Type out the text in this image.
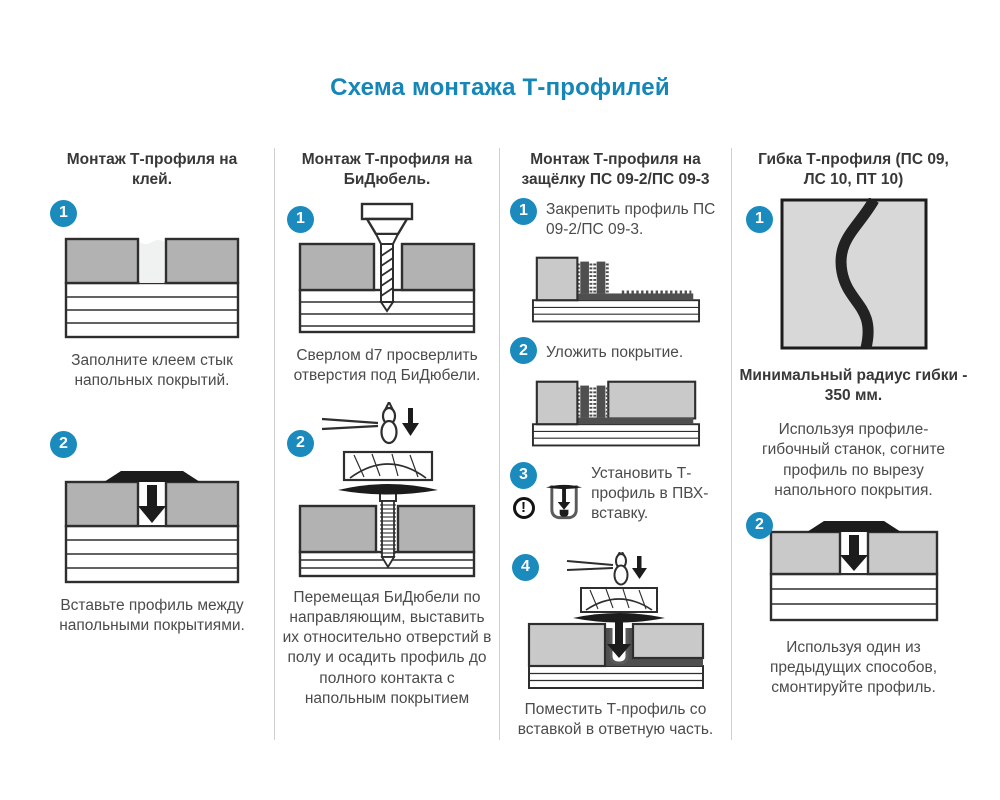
Схема монтажа Т-профилей
Монтаж Т-профиля на клей.
1
Заполните клеем стык напольных покрытий.
2
Вставьте профиль между напольными покрытиями.
Монтаж Т-профиля на БиДюбель.
1
Сверлом d7 просверлить отверстия под БиДюбели.
2
Перемещая БиДюбели по направляющим, выставить их относительно отверстий в полу и осадить профиль до полного контакта с напольным покрытием
Монтаж Т-профиля на защёлку ПС 09-2/ПС 09-3
1	Закрепить профиль ПС 09-2/ПС 09-3.
2	Уложить покрытие.
3
!
Установить Т-профиль в ПВХ-вставку.
4
Поместить Т-профиль со вставкой в ответную часть.
Гибка Т-профиля (ПС 09, ЛС 10, ПТ 10)
1
Минимальный радиус гибки - 350 мм.
Используя профиле-гибочный станок, согните профиль по вырезу напольного покрытия.
2
Используя один из предыдущих способов, смонтируйте профиль.
